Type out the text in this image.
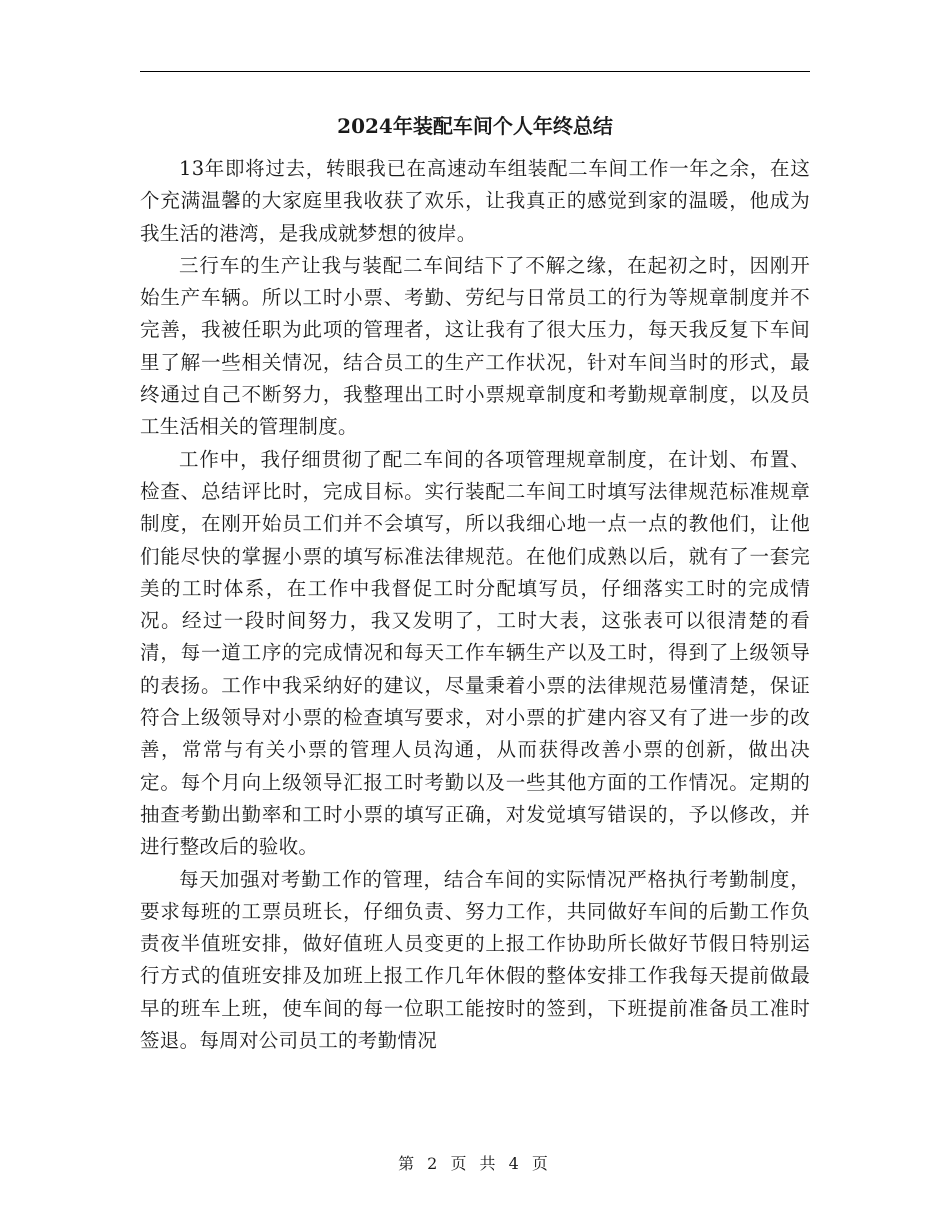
2024年装配车间个人年终总结

13年即将过去，转眼我已在高速动车组装配二车间工作一年之余，在这个充满温馨的大家庭里我收获了欢乐，让我真正的感觉到家的温暖，他成为我生活的港湾，是我成就梦想的彼岸。

三行车的生产让我与装配二车间结下了不解之缘，在起初之时，因刚开始生产车辆。所以工时小票、考勤、劳纪与日常员工的行为等规章制度并不完善，我被任职为此项的管理者，这让我有了很大压力，每天我反复下车间里了解一些相关情况，结合员工的生产工作状况，针对车间当时的形式，最终通过自己不断努力，我整理出工时小票规章制度和考勤规章制度，以及员工生活相关的管理制度。

工作中，我仔细贯彻了配二车间的各项管理规章制度，在计划、布置、检查、总结评比时，完成目标。实行装配二车间工时填写法律规范标准规章制度，在刚开始员工们并不会填写，所以我细心地一点一点的教他们，让他们能尽快的掌握小票的填写标准法律规范。在他们成熟以后，就有了一套完美的工时体系，在工作中我督促工时分配填写员，仔细落实工时的完成情况。经过一段时间努力，我又发明了，工时大表，这张表可以很清楚的看清，每一道工序的完成情况和每天工作车辆生产以及工时，得到了上级领导的表扬。工作中我采纳好的建议，尽量秉着小票的法律规范易懂清楚，保证符合上级领导对小票的检查填写要求，对小票的扩建内容又有了进一步的改善，常常与有关小票的管理人员沟通，从而获得改善小票的创新，做出决定。每个月向上级领导汇报工时考勤以及一些其他方面的工作情况。定期的抽查考勤出勤率和工时小票的填写正确，对发觉填写错误的，予以修改，并进行整改后的验收。

每天加强对考勤工作的管理，结合车间的实际情况严格执行考勤制度，要求每班的工票员班长，仔细负责、努力工作，共同做好车间的后勤工作负责夜半值班安排，做好值班人员变更的上报工作协助所长做好节假日特别运行方式的值班安排及加班上报工作几年休假的整体安排工作我每天提前做最早的班车上班，使车间的每一位职工能按时的签到，下班提前准备员工准时签退。每周对公司员工的考勤情况

第 2 页 共 4 页
